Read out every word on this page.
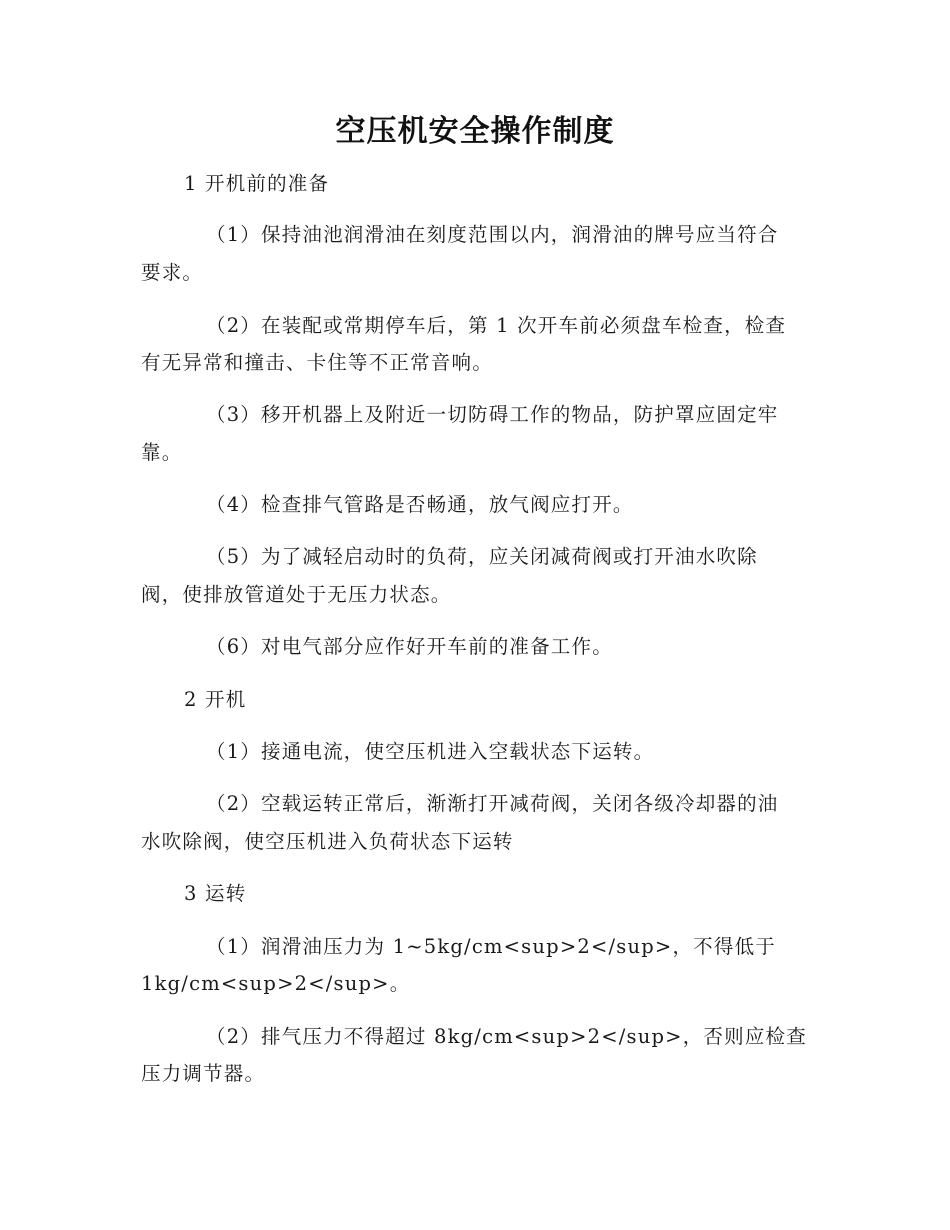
空压机安全操作制度
1 开机前的准备
（1）保持油池润滑油在刻度范围以内，润滑油的牌号应当符合
要求。
（2）在装配或常期停车后，第 1 次开车前必须盘车检查，检查
有无异常和撞击、卡住等不正常音响。
（3）移开机器上及附近一切防碍工作的物品，防护罩应固定牢
靠。
（4）检查排气管路是否畅通，放气阀应打开。
（5）为了减轻启动时的负荷，应关闭减荷阀或打开油水吹除
阀，使排放管道处于无压力状态。
（6）对电气部分应作好开车前的准备工作。
2 开机
（1）接通电流，使空压机进入空载状态下运转。
（2）空载运转正常后，渐渐打开减荷阀，关闭各级冷却器的油
水吹除阀，使空压机进入负荷状态下运转
3 运转
（1）润滑油压力为 1~5kg/cm<sup>2</sup>，不得低于
1kg/cm<sup>2</sup>。
（2）排气压力不得超过 8kg/cm<sup>2</sup>，否则应检查
压力调节器。
